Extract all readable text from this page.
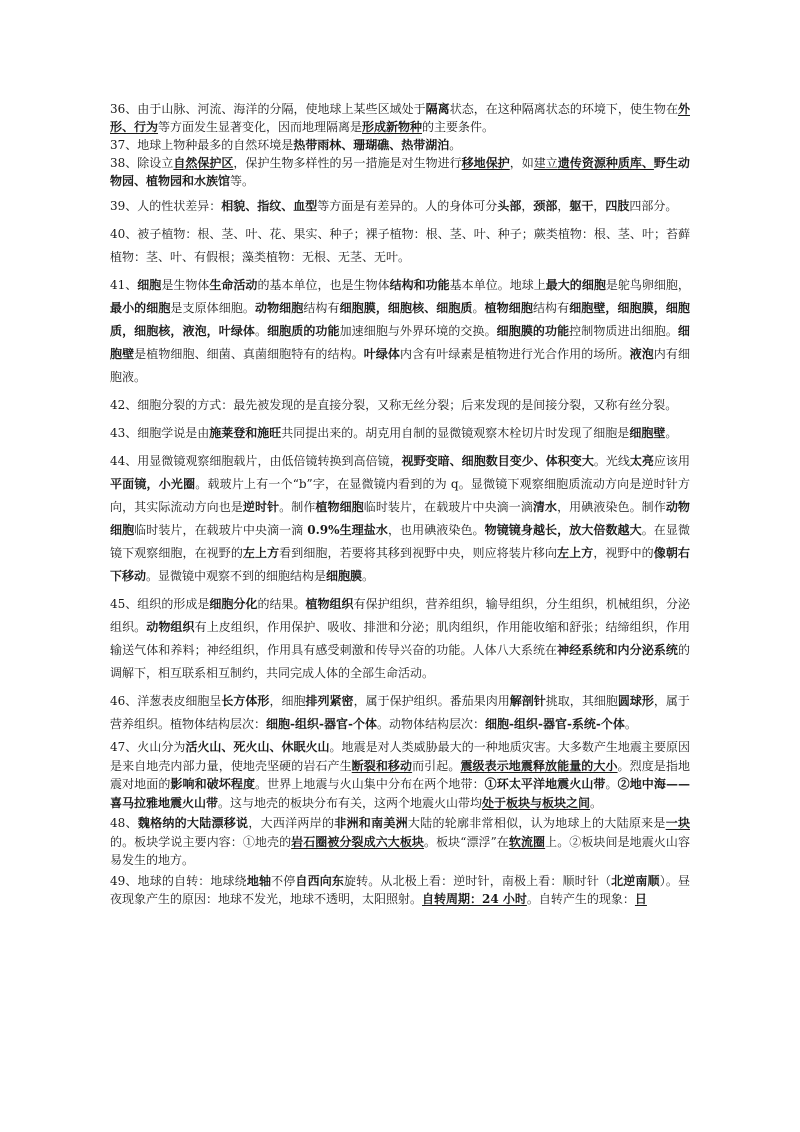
36、由于山脉、河流、海洋的分隔，使地球上某些区域处于隔离状态，在这种隔离状态的环境下，使生物在外形、行为等方面发生显著变化，因而地理隔离是形成新物种的主要条件。

37、地球上物种最多的自然环境是热带雨林、珊瑚礁、热带湖泊。

38、除设立自然保护区，保护生物多样性的另一措施是对生物进行移地保护，如建立遗传资源种质库、野生动物园、植物园和水族馆等。

39、人的性状差异：相貌、指纹、血型等方面是有差异的。人的身体可分头部，颈部，躯干，四肢四部分。

40、被子植物：根、茎、叶、花、果实、种子；裸子植物：根、茎、叶、种子；蕨类植物：根、茎、叶；苔藓植物：茎、叶、有假根；藻类植物：无根、无茎、无叶。

41、细胞是生物体生命活动的基本单位，也是生物体结构和功能基本单位。地球上最大的细胞是鸵鸟卵细胞，最小的细胞是支原体细胞。动物细胞结构有细胞膜，细胞核、细胞质。植物细胞结构有细胞壁，细胞膜，细胞质，细胞核，液泡，叶绿体。细胞质的功能加速细胞与外界环境的交换。细胞膜的功能控制物质进出细胞。细胞壁是植物细胞、细菌、真菌细胞特有的结构。叶绿体内含有叶绿素是植物进行光合作用的场所。液泡内有细胞液。

42、细胞分裂的方式：最先被发现的是直接分裂，又称无丝分裂；后来发现的是间接分裂，又称有丝分裂。

43、细胞学说是由施莱登和施旺共同提出来的。胡克用自制的显微镜观察木栓切片时发现了细胞是细胞壁。

44、用显微镜观察细胞载片，由低倍镜转换到高倍镜，视野变暗、细胞数目变少、体积变大。光线太亮应该用平面镜，小光圈。载玻片上有一个“b”字，在显微镜内看到的为 q。显微镜下观察细胞质流动方向是逆时针方向，其实际流动方向也是逆时针。制作植物细胞临时装片，在载玻片中央滴一滴清水，用碘液染色。制作动物细胞临时装片，在载玻片中央滴一滴 0.9%生理盐水，也用碘液染色。物镜镜身越长，放大倍数越大。在显微镜下观察细胞，在视野的左上方看到细胞，若要将其移到视野中央，则应将装片移向左上方，视野中的像朝右下移动。显微镜中观察不到的细胞结构是细胞膜。

45、组织的形成是细胞分化的结果。植物组织有保护组织，营养组织，输导组织，分生组织，机械组织，分泌组织。动物组织有上皮组织，作用保护、吸收、排泄和分泌；肌肉组织，作用能收缩和舒张；结缔组织，作用输送气体和养料；神经组织，作用具有感受刺激和传导兴奋的功能。人体八大系统在神经系统和内分泌系统的调解下，相互联系相互制约，共同完成人体的全部生命活动。

46、洋葱表皮细胞呈长方体形，细胞排列紧密，属于保护组织。番茄果肉用解剖针挑取，其细胞圆球形，属于营养组织。植物体结构层次：细胞-组织-器官-个体。动物体结构层次：细胞-组织-器官-系统-个体。

47、火山分为活火山、死火山、休眠火山。地震是对人类威胁最大的一种地质灾害。大多数产生地震主要原因是来自地壳内部力量，使地壳坚硬的岩石产生断裂和移动而引起。震级表示地震释放能量的大小。烈度是指地震对地面的影响和破坏程度。世界上地震与火山集中分布在两个地带：①环太平洋地震火山带。②地中海——喜马拉雅地震火山带。这与地壳的板块分布有关，这两个地震火山带均处于板块与板块之间。

48、魏格纳的大陆漂移说，大西洋两岸的非洲和南美洲大陆的轮廓非常相似，认为地球上的大陆原来是一块的。板块学说主要内容：①地壳的岩石圈被分裂成六大板块。板块“漂浮”在软流圈上。②板块间是地震火山容易发生的地方。

49、地球的自转：地球绕地轴不停自西向东旋转。从北极上看：逆时针，南极上看：顺时针（北逆南顺）。昼夜现象产生的原因：地球不发光，地球不透明，太阳照射。自转周期：24 小时。自转产生的现象：日
